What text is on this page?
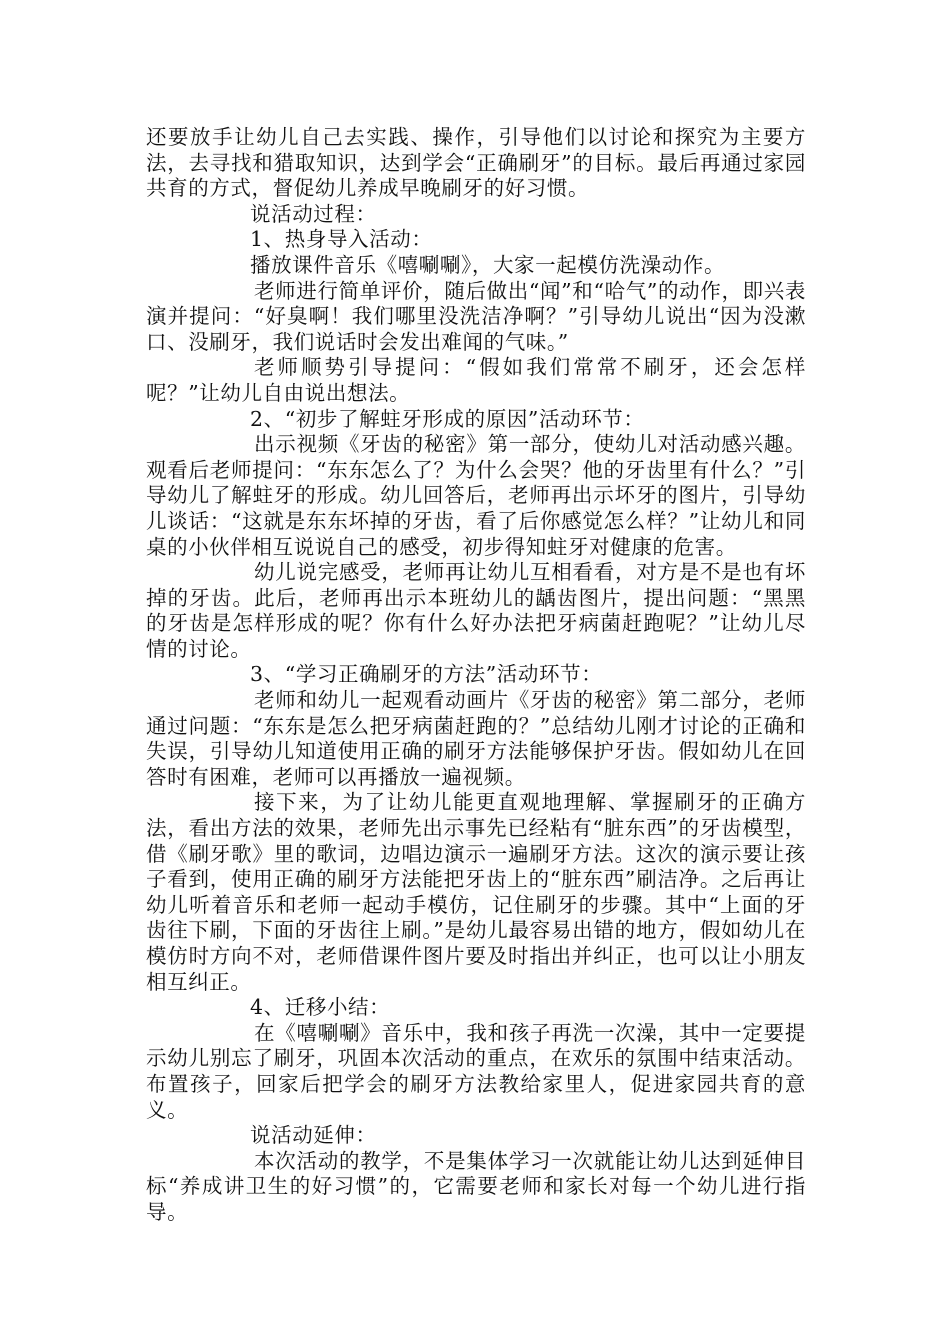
还要放手让幼儿自己去实践、操作，引导他们以讨论和探究为主要方法，去寻找和猎取知识，达到学会“正确刷牙”的目标。最后再通过家园共育的方式，督促幼儿养成早晚刷牙的好习惯。

说活动过程：

1、热身导入活动：

播放课件音乐《嘻唰唰》，大家一起模仿洗澡动作。

老师进行简单评价，随后做出“闻”和“哈气”的动作，即兴表演并提问：“好臭啊！我们哪里没洗洁净啊？”引导幼儿说出“因为没漱口、没刷牙，我们说话时会发出难闻的气味。”

老师顺势引导提问：“假如我们常常不刷牙，还会怎样呢？”让幼儿自由说出想法。

2、“初步了解蛀牙形成的原因”活动环节：

出示视频《牙齿的秘密》第一部分，使幼儿对活动感兴趣。观看后老师提问：“东东怎么了？为什么会哭？他的牙齿里有什么？”引导幼儿了解蛀牙的形成。幼儿回答后，老师再出示坏牙的图片，引导幼儿谈话：“这就是东东坏掉的牙齿，看了后你感觉怎么样？”让幼儿和同桌的小伙伴相互说说自己的感受，初步得知蛀牙对健康的危害。

幼儿说完感受，老师再让幼儿互相看看，对方是不是也有坏掉的牙齿。此后，老师再出示本班幼儿的龋齿图片，提出问题：“黑黑的牙齿是怎样形成的呢？你有什么好办法把牙病菌赶跑呢？”让幼儿尽情的讨论。

3、“学习正确刷牙的方法”活动环节：

老师和幼儿一起观看动画片《牙齿的秘密》第二部分，老师通过问题：“东东是怎么把牙病菌赶跑的？”总结幼儿刚才讨论的正确和失误，引导幼儿知道使用正确的刷牙方法能够保护牙齿。假如幼儿在回答时有困难，老师可以再播放一遍视频。

接下来，为了让幼儿能更直观地理解、掌握刷牙的正确方法，看出方法的效果，老师先出示事先已经粘有“脏东西”的牙齿模型，借《刷牙歌》里的歌词，边唱边演示一遍刷牙方法。这次的演示要让孩子看到，使用正确的刷牙方法能把牙齿上的“脏东西”刷洁净。之后再让幼儿听着音乐和老师一起动手模仿，记住刷牙的步骤。其中“上面的牙齿往下刷，下面的牙齿往上刷。”是幼儿最容易出错的地方，假如幼儿在模仿时方向不对，老师借课件图片要及时指出并纠正，也可以让小朋友相互纠正。

4、迁移小结：

在《嘻唰唰》音乐中，我和孩子再洗一次澡，其中一定要提示幼儿别忘了刷牙，巩固本次活动的重点，在欢乐的氛围中结束活动。布置孩子，回家后把学会的刷牙方法教给家里人，促进家园共育的意义。

说活动延伸：

本次活动的教学，不是集体学习一次就能让幼儿达到延伸目标“养成讲卫生的好习惯”的，它需要老师和家长对每一个幼儿进行指导。
